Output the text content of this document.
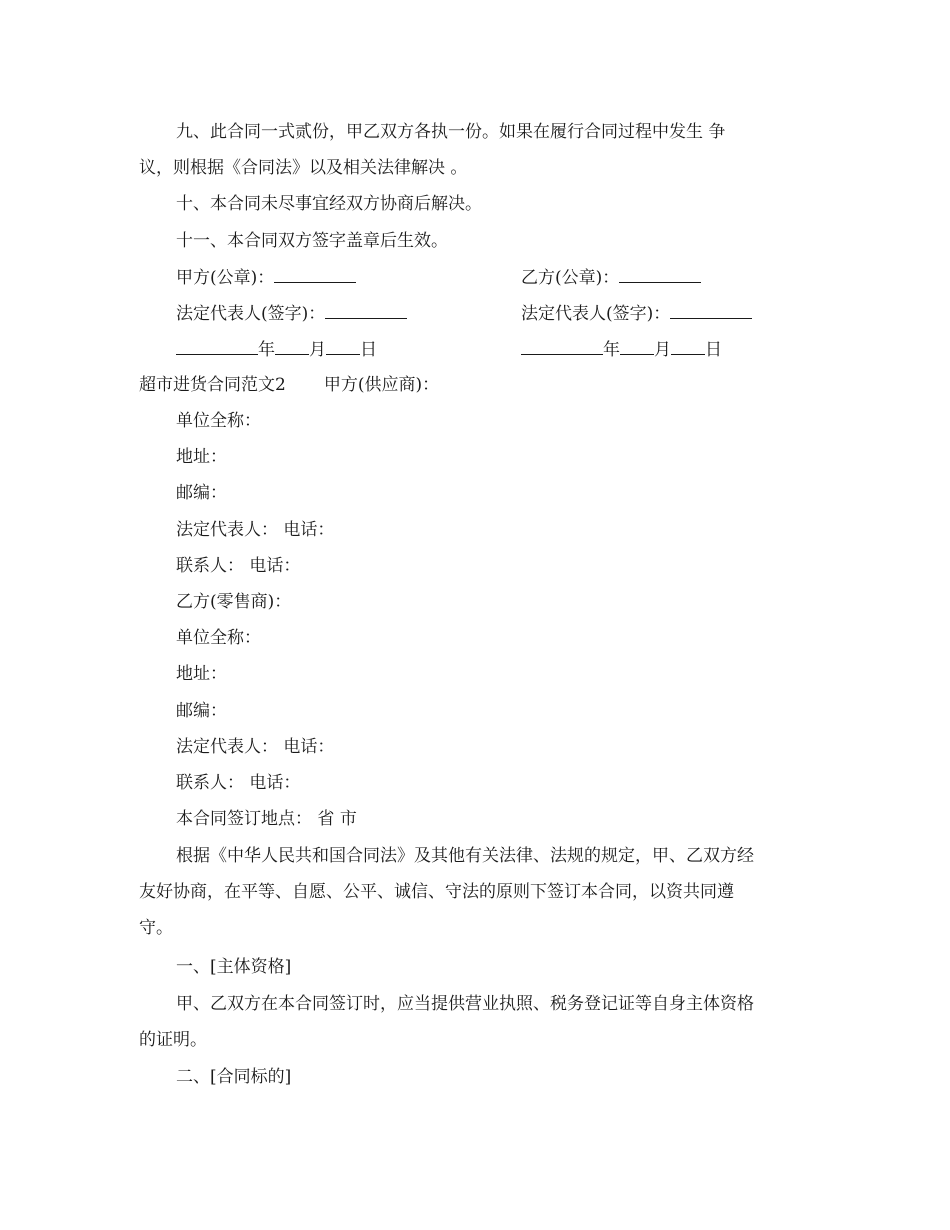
九、此合同一式贰份，甲乙双方各执一份。如果在履行合同过程中发生 争
议，则根据《合同法》以及相关法律解决 。
十、本合同未尽事宜经双方协商后解决。
十一、本合同双方签字盖章后生效。
甲方(公章)：	乙方(公章)：
法定代表人(签字)：	法定代表人(签字)：
年 月 日	年 月 日
超市进货合同范文2 甲方(供应商)：
单位全称：
地址：
邮编：
法定代表人： 电话：
联系人： 电话：
乙方(零售商)：
单位全称：
地址：
邮编：
法定代表人： 电话：
联系人： 电话：
本合同签订地点： 省 市
根据《中华人民共和国合同法》及其他有关法律、法规的规定，甲、乙双方经
友好协商，在平等、自愿、公平、诚信、守法的原则下签订本合同，以资共同遵
守。
一、[主体资格]
甲、乙双方在本合同签订时，应当提供营业执照、税务登记证等自身主体资格
的证明。
二、[合同标的]
